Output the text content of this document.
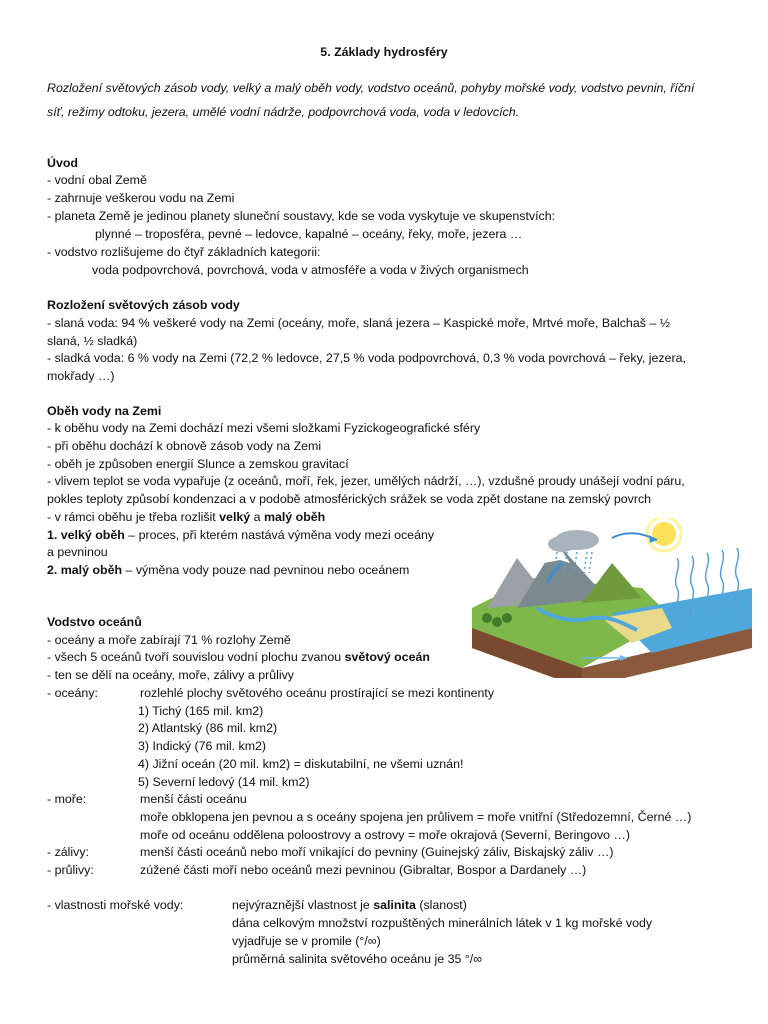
5. Základy hydrosféry
Rozložení světových zásob vody, velký a malý oběh vody, vodstvo oceánů, pohyby mořské vody, vodstvo pevnin, říční
síť, režimy odtoku, jezera, umělé vodní nádrže, podpovrchová voda, voda v ledovcích.
Úvod
- vodní obal Země
- zahrnuje veškerou vodu na Zemi
- planeta Země je jedinou planety sluneční soustavy, kde se voda vyskytuje ve skupenstvích:
plynné – troposféra, pevné – ledovce, kapalné – oceány, řeky, moře, jezera …
- vodstvo rozlišujeme do čtyř základních kategorii:
voda podpovrchová, povrchová, voda v atmosféře a voda v živých organismech
Rozložení světových zásob vody
- slaná voda: 94 % veškeré vody na Zemi (oceány, moře, slaná jezera – Kaspické moře, Mrtvé moře, Balchaš – ½
slaná, ½ sladká)
- sladká voda: 6 % vody na Zemi (72,2 % ledovce, 27,5 % voda podpovrchová, 0,3 % voda povrchová – řeky, jezera,
mokřady …)
Oběh vody na Zemi
- k oběhu vody na Zemi dochází mezi všemi složkami Fyzickogeografické sféry
- při oběhu dochází k obnově zásob vody na Zemi
- oběh je způsoben energií Slunce a zemskou gravitací
- vlivem teplot se voda vypařuje (z oceánů, moří, řek, jezer, umělých nádrží, …), vzdušné proudy unášejí vodní páru,
pokles teploty způsobí kondenzaci a v podobě atmosférických srážek se voda zpět dostane na zemský povrch
- v rámci oběhu je třeba rozlišit velký a malý oběh
1. velký oběh – proces, při kterém nastává výměna vody mezi oceány
a pevninou
2. malý oběh – výměna vody pouze nad pevninou nebo oceánem
Vodstvo oceánů
- oceány a moře zabírají 71 % rozlohy Země
- všech 5 oceánů tvoří souvislou vodní plochu zvanou světový oceán
- ten se dělí na oceány, moře, zálivy a průlivy
- oceány:	rozlehlé plochy světového oceánu prostírající se mezi kontinenty
1) Tichý (165 mil. km2)
2) Atlantský (86 mil. km2)
3) Indický (76 mil. km2)
4) Jižní oceán (20 mil. km2) = diskutabilní, ne všemi uznán!
5) Severní ledový (14 mil. km2)
- moře:	menší části oceánu
moře obklopena jen pevnou a s oceány spojena jen průlivem = moře vnitřní (Středozemní, Černé …)
moře od oceánu oddělena poloostrovy a ostrovy = moře okrajová (Severní, Beringovo …)
- zálivy:	menší části oceánů nebo moří vnikající do pevniny (Guinejský záliv, Biskajský záliv …)
- průlivy:	zúžené části moří nebo oceánů mezi pevninou (Gibraltar, Bospor a Dardanely …)
- vlastnosti mořské vody:	nejvýraznější vlastnost je salinita (slanost)
dána celkovým množství rozpuštěných minerálních látek v 1 kg mořské vody
vyjadřuje se v promile (°/∞)
průměrná salinita světového oceánu je 35 °/∞
